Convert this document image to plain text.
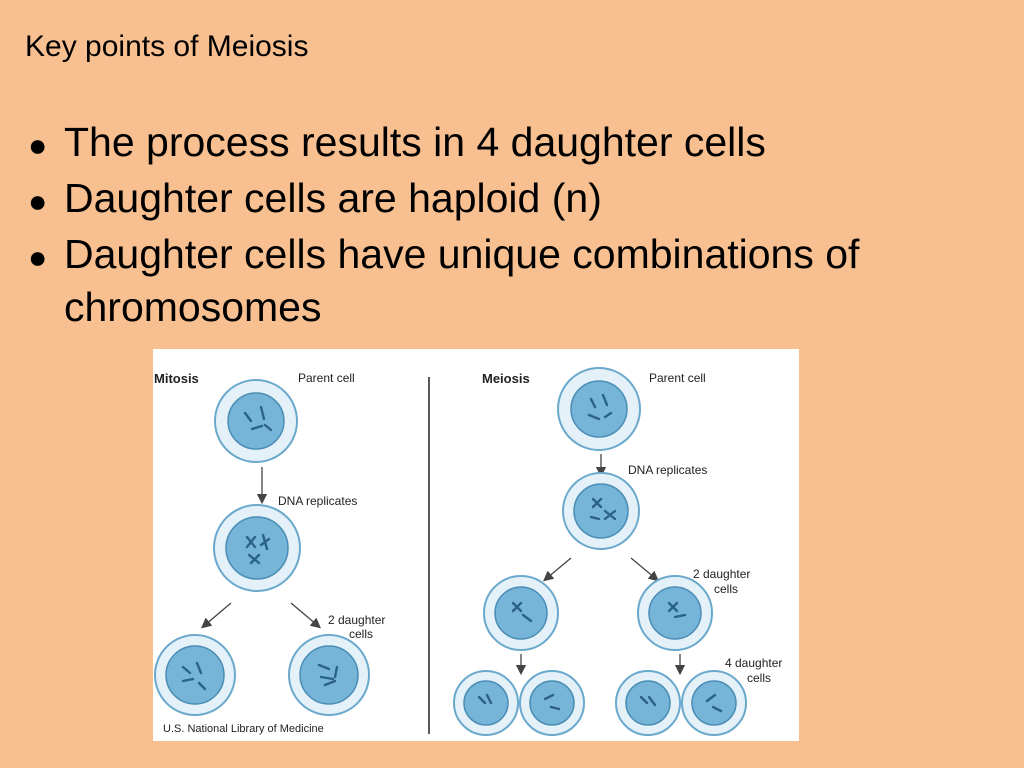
Key points of Meiosis
● The process results in 4 daughter cells
● Daughter cells are haploid (n)
● Daughter cells have unique combinations of chromosomes
Mitosis	Parent cell
DNA replicates
2 daughter
cells
Meiosis	Parent cell
DNA replicates
2 daughter
cells
4 daughter
cells
U.S. National Library of Medicine
